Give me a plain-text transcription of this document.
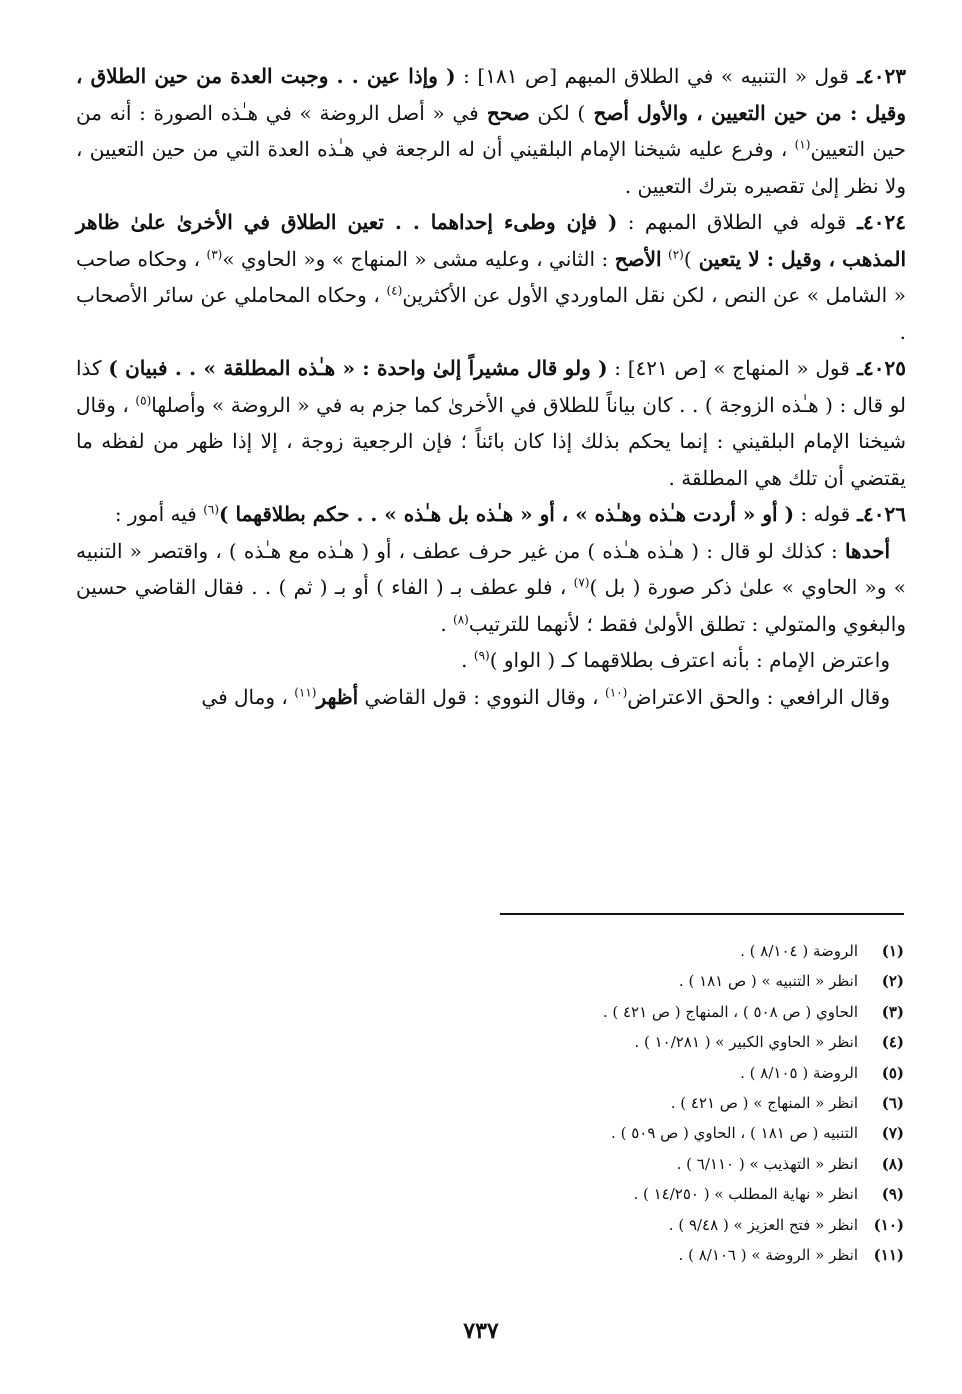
٤٠٢٣ـ قول « التنبيه » في الطلاق المبهم [ص ١٨١] : ( وإذا عين . . وجبت العدة من حين الطلاق ، وقيل : من حين التعيين ، والأول أصح ) لكن صحح في « أصل الروضة » في هـٰذه الصورة : أنه من حين التعيين$^{(١)}$ ، وفرع عليه شيخنا الإمام البلقيني أن له الرجعة في هـٰذه العدة التي من حين التعيين ، ولا نظر إلىٰ تقصيره بترك التعيين .

٤٠٢٤ـ قوله في الطلاق المبهم : ( فإن وطىء إحداهما . . تعين الطلاق في الأخرىٰ علىٰ ظاهر المذهب ، وقيل : لا يتعين )$^{(٢)}$ الأصح : الثاني ، وعليه مشى « المنهاج » و« الحاوي »$^{(٣)}$ ، وحكاه صاحب « الشامل » عن النص ، لكن نقل الماوردي الأول عن الأكثرين$^{(٤)}$ ، وحكاه المحاملي عن سائر الأصحاب .

٤٠٢٥ـ قول « المنهاج » [ص ٤٢١] : ( ولو قال مشيراً إلىٰ واحدة : « هـٰذه المطلقة » . . فبيان ) كذا لو قال : ( هـٰذه الزوجة ) . . كان بياناً للطلاق في الأخرىٰ كما جزم به في « الروضة » وأصلها$^{(٥)}$ ، وقال شيخنا الإمام البلقيني : إنما يحكم بذلك إذا كان بائناً ؛ فإن الرجعية زوجة ، إلا إذا ظهر من لفظه ما يقتضي أن تلك هي المطلقة .

٤٠٢٦ـ قوله : ( أو « أردت هـٰذه وهـٰذه » ، أو « هـٰذه بل هـٰذه » . . حكم بطلاقهما )$^{(٦)}$ فيه أمور :

أحدها : كذلك لو قال : ( هـٰذه هـٰذه ) من غير حرف عطف ، أو ( هـٰذه مع هـٰذه ) ، واقتصر « التنبيه » و« الحاوي » علىٰ ذكر صورة ( بل )$^{(٧)}$ ، فلو عطف بـ ( الفاء ) أو بـ ( ثم ) . . فقال القاضي حسين والبغوي والمتولي : تطلق الأولىٰ فقط ؛ لأنهما للترتيب$^{(٨)}$ .

واعترض الإمام : بأنه اعترف بطلاقهما كـ ( الواو )$^{(٩)}$ .

وقال الرافعي : والحق الاعتراض$^{(١٠)}$ ، وقال النووي : قول القاضي أظهر$^{(١١)}$ ، ومال في

(١)
الروضة ( ٨/١٠٤ ) .
(٢)
انظر « التنبيه » ( ص ١٨١ ) .
(٣)
الحاوي ( ص ٥٠٨ ) ، المنهاج ( ص ٤٢١ ) .
(٤)
انظر « الحاوي الكبير » ( ١٠/٢٨١ ) .
(٥)
الروضة ( ٨/١٠٥ ) .
(٦)
انظر « المنهاج » ( ص ٤٢١ ) .
(٧)
التنبيه ( ص ١٨١ ) ، الحاوي ( ص ٥٠٩ ) .
(٨)
انظر « التهذيب » ( ٦/١١٠ ) .
(٩)
انظر « نهاية المطلب » ( ١٤/٢٥٠ ) .
(١٠)
انظر « فتح العزيز » ( ٩/٤٨ ) .
(١١)
انظر « الروضة » ( ٨/١٠٦ ) .
٧٣٧
